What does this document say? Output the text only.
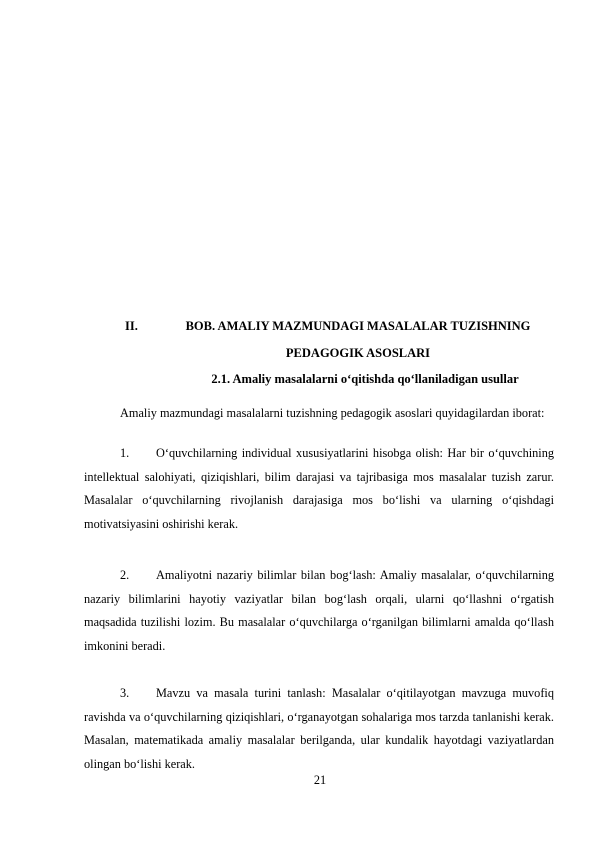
II.	BOB. AMALIY MAZMUNDAGI MASALALAR TUZISHNING
PEDAGOGIK ASOSLARI
2.1. Amaliy masalalarni o‘qitishda qo‘llaniladigan usullar
Amaliy mazmundagi masalalarni tuzishning pedagogik asoslari quyidagilardan iborat:
1. O‘quvchilarning individual xususiyatlarini hisobga olish: Har bir o‘quvchining intellektual salohiyati, qiziqishlari, bilim darajasi va tajribasiga mos masalalar tuzish zarur. Masalalar o‘quvchilarning rivojlanish darajasiga mos bo‘lishi va ularning o‘qishdagi motivatsiyasini oshirishi kerak.
2. Amaliyotni nazariy bilimlar bilan bog‘lash: Amaliy masalalar, o‘quvchilarning nazariy bilimlarini hayotiy vaziyatlar bilan bog‘lash orqali, ularni qo‘llashni o‘rgatish maqsadida tuzilishi lozim. Bu masalalar o‘quvchilarga o‘rganilgan bilimlarni amalda qo‘llash imkonini beradi.
3. Mavzu va masala turini tanlash: Masalalar o‘qitilayotgan mavzuga muvofiq ravishda va o‘quvchilarning qiziqishlari, o‘rganayotgan sohalariga mos tarzda tanlanishi kerak. Masalan, matematikada amaliy masalalar berilganda, ular kundalik hayotdagi vaziyatlardan olingan bo‘lishi kerak.
21
